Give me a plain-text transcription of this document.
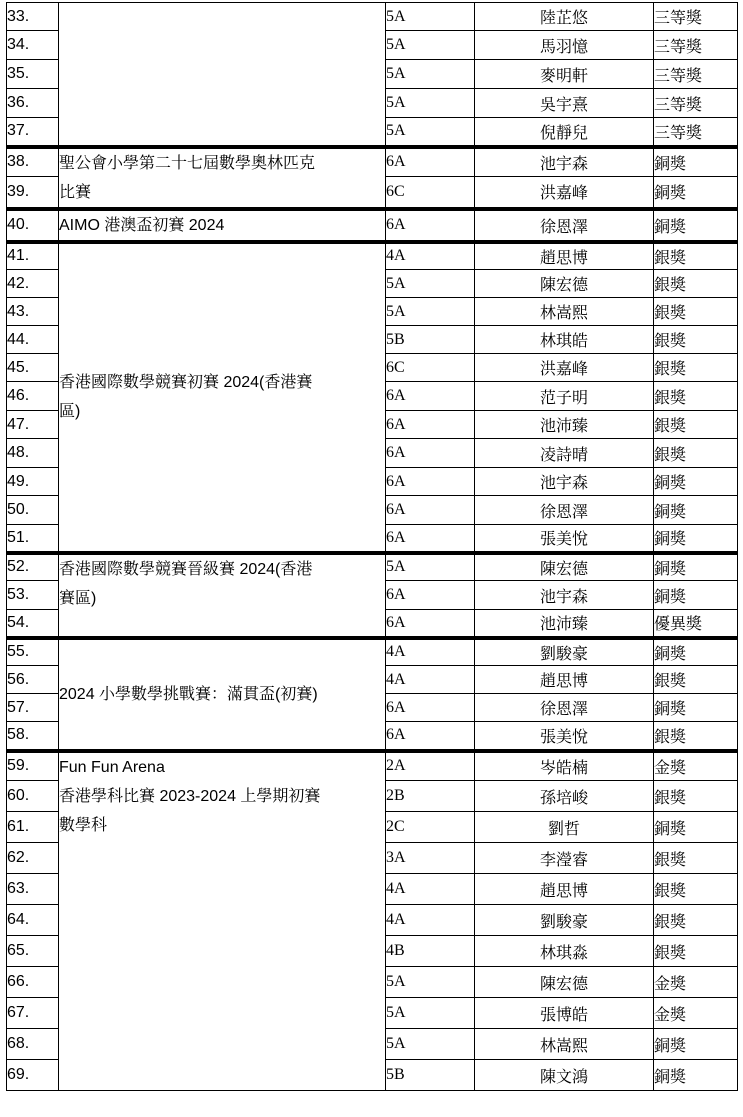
33.		5A	陸芷悠	三等獎
34.		5A	馬羽憶	三等獎
35.		5A	麥明軒	三等獎
36.		5A	吳宇熹	三等獎
37.		5A	倪靜兒	三等獎
38.	聖公會小學第二十七屆數學奧林匹克
比賽	6A	池宇森	銅獎
39.		6C	洪嘉峰	銅獎
40.	AIMO 港澳盃初賽 2024	6A	徐恩澤	銅獎
41.	香港國際數學競賽初賽 2024(香港賽
區)	4A	趙思博	銀獎
42.		5A	陳宏德	銀獎
43.		5A	林嵩熙	銀獎
44.		5B	林琪皓	銀獎
45.		6C	洪嘉峰	銀獎
46.		6A	范子明	銀獎
47.		6A	池沛臻	銀獎
48.		6A	凌詩晴	銀獎
49.		6A	池宇森	銅獎
50.		6A	徐恩澤	銅獎
51.		6A	張美悅	銅獎
52.	香港國際數學競賽晉級賽 2024(香港
賽區)	5A	陳宏德	銅獎
53.		6A	池宇森	銅獎
54.		6A	池沛臻	優異獎
55.	2024 小學數學挑戰賽：滿貫盃(初賽)	4A	劉駿豪	銅獎
56.		4A	趙思博	銀獎
57.		6A	徐恩澤	銅獎
58.		6A	張美悅	銀獎
59.	Fun Fun Arena
香港學科比賽 2023-2024 上學期初賽
數學科	2A	岑皓楠	金獎
60.		2B	孫培峻	銀獎
61.		2C	劉哲	銅獎
62.		3A	李瀅睿	銀獎
63.		4A	趙思博	銀獎
64.		4A	劉駿豪	銀獎
65.		4B	林琪淼	銀獎
66.		5A	陳宏德	金獎
67.		5A	張博皓	金獎
68.		5A	林嵩熙	銅獎
69.		5B	陳文鴻	銅獎
